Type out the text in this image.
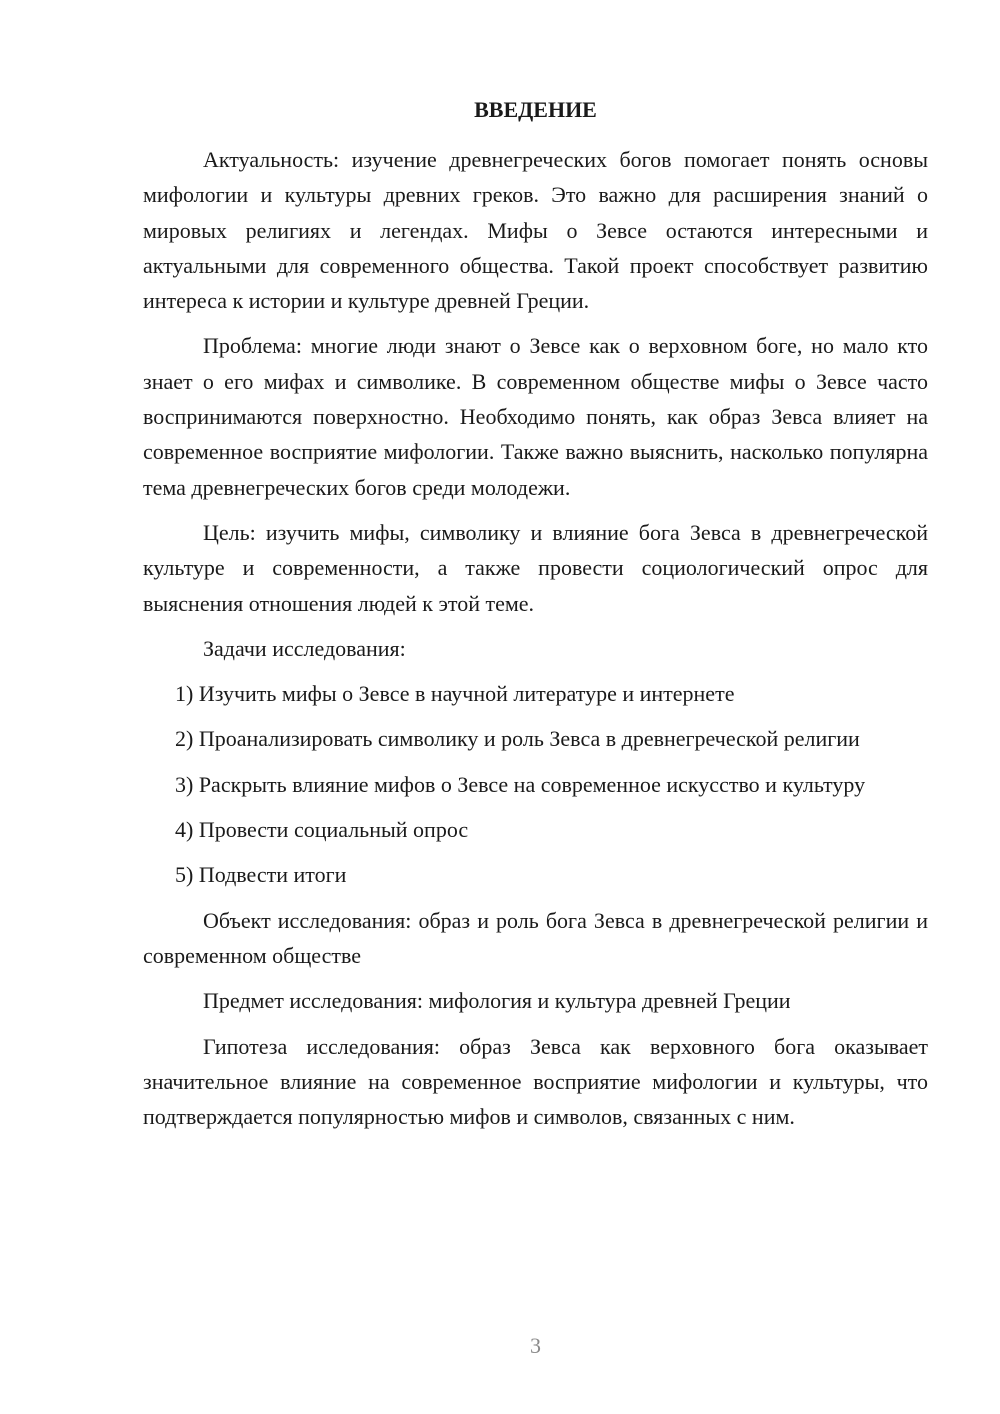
ВВЕДЕНИЕ

Актуальность: изучение древнегреческих богов помогает понять основы мифологии и культуры древних греков. Это важно для расширения знаний о мировых религиях и легендах. Мифы о Зевсе остаются интересными и актуальными для современного общества. Такой проект способствует развитию интереса к истории и культуре древней Греции.

Проблема: многие люди знают о Зевсе как о верховном боге, но мало кто знает о его мифах и символике. В современном обществе мифы о Зевсе часто воспринимаются поверхностно. Необходимо понять, как образ Зевса влияет на современное восприятие мифологии. Также важно выяснить, насколько популярна тема древнегреческих богов среди молодежи.

Цель: изучить мифы, символику и влияние бога Зевса в древнегреческой культуре и современности, а также провести социологический опрос для выяснения отношения людей к этой теме.

Задачи исследования:

1) Изучить мифы о Зевсе в научной литературе и интернете

2) Проанализировать символику и роль Зевса в древнегреческой религии

3) Раскрыть влияние мифов о Зевсе на современное искусство и культуру

4) Провести социальный опрос

5) Подвести итоги

Объект исследования: образ и роль бога Зевса в древнегреческой религии и современном обществе

Предмет исследования: мифология и культура древней Греции

Гипотеза исследования: образ Зевса как верховного бога оказывает значительное влияние на современное восприятие мифологии и культуры, что подтверждается популярностью мифов и символов, связанных с ним.

3
